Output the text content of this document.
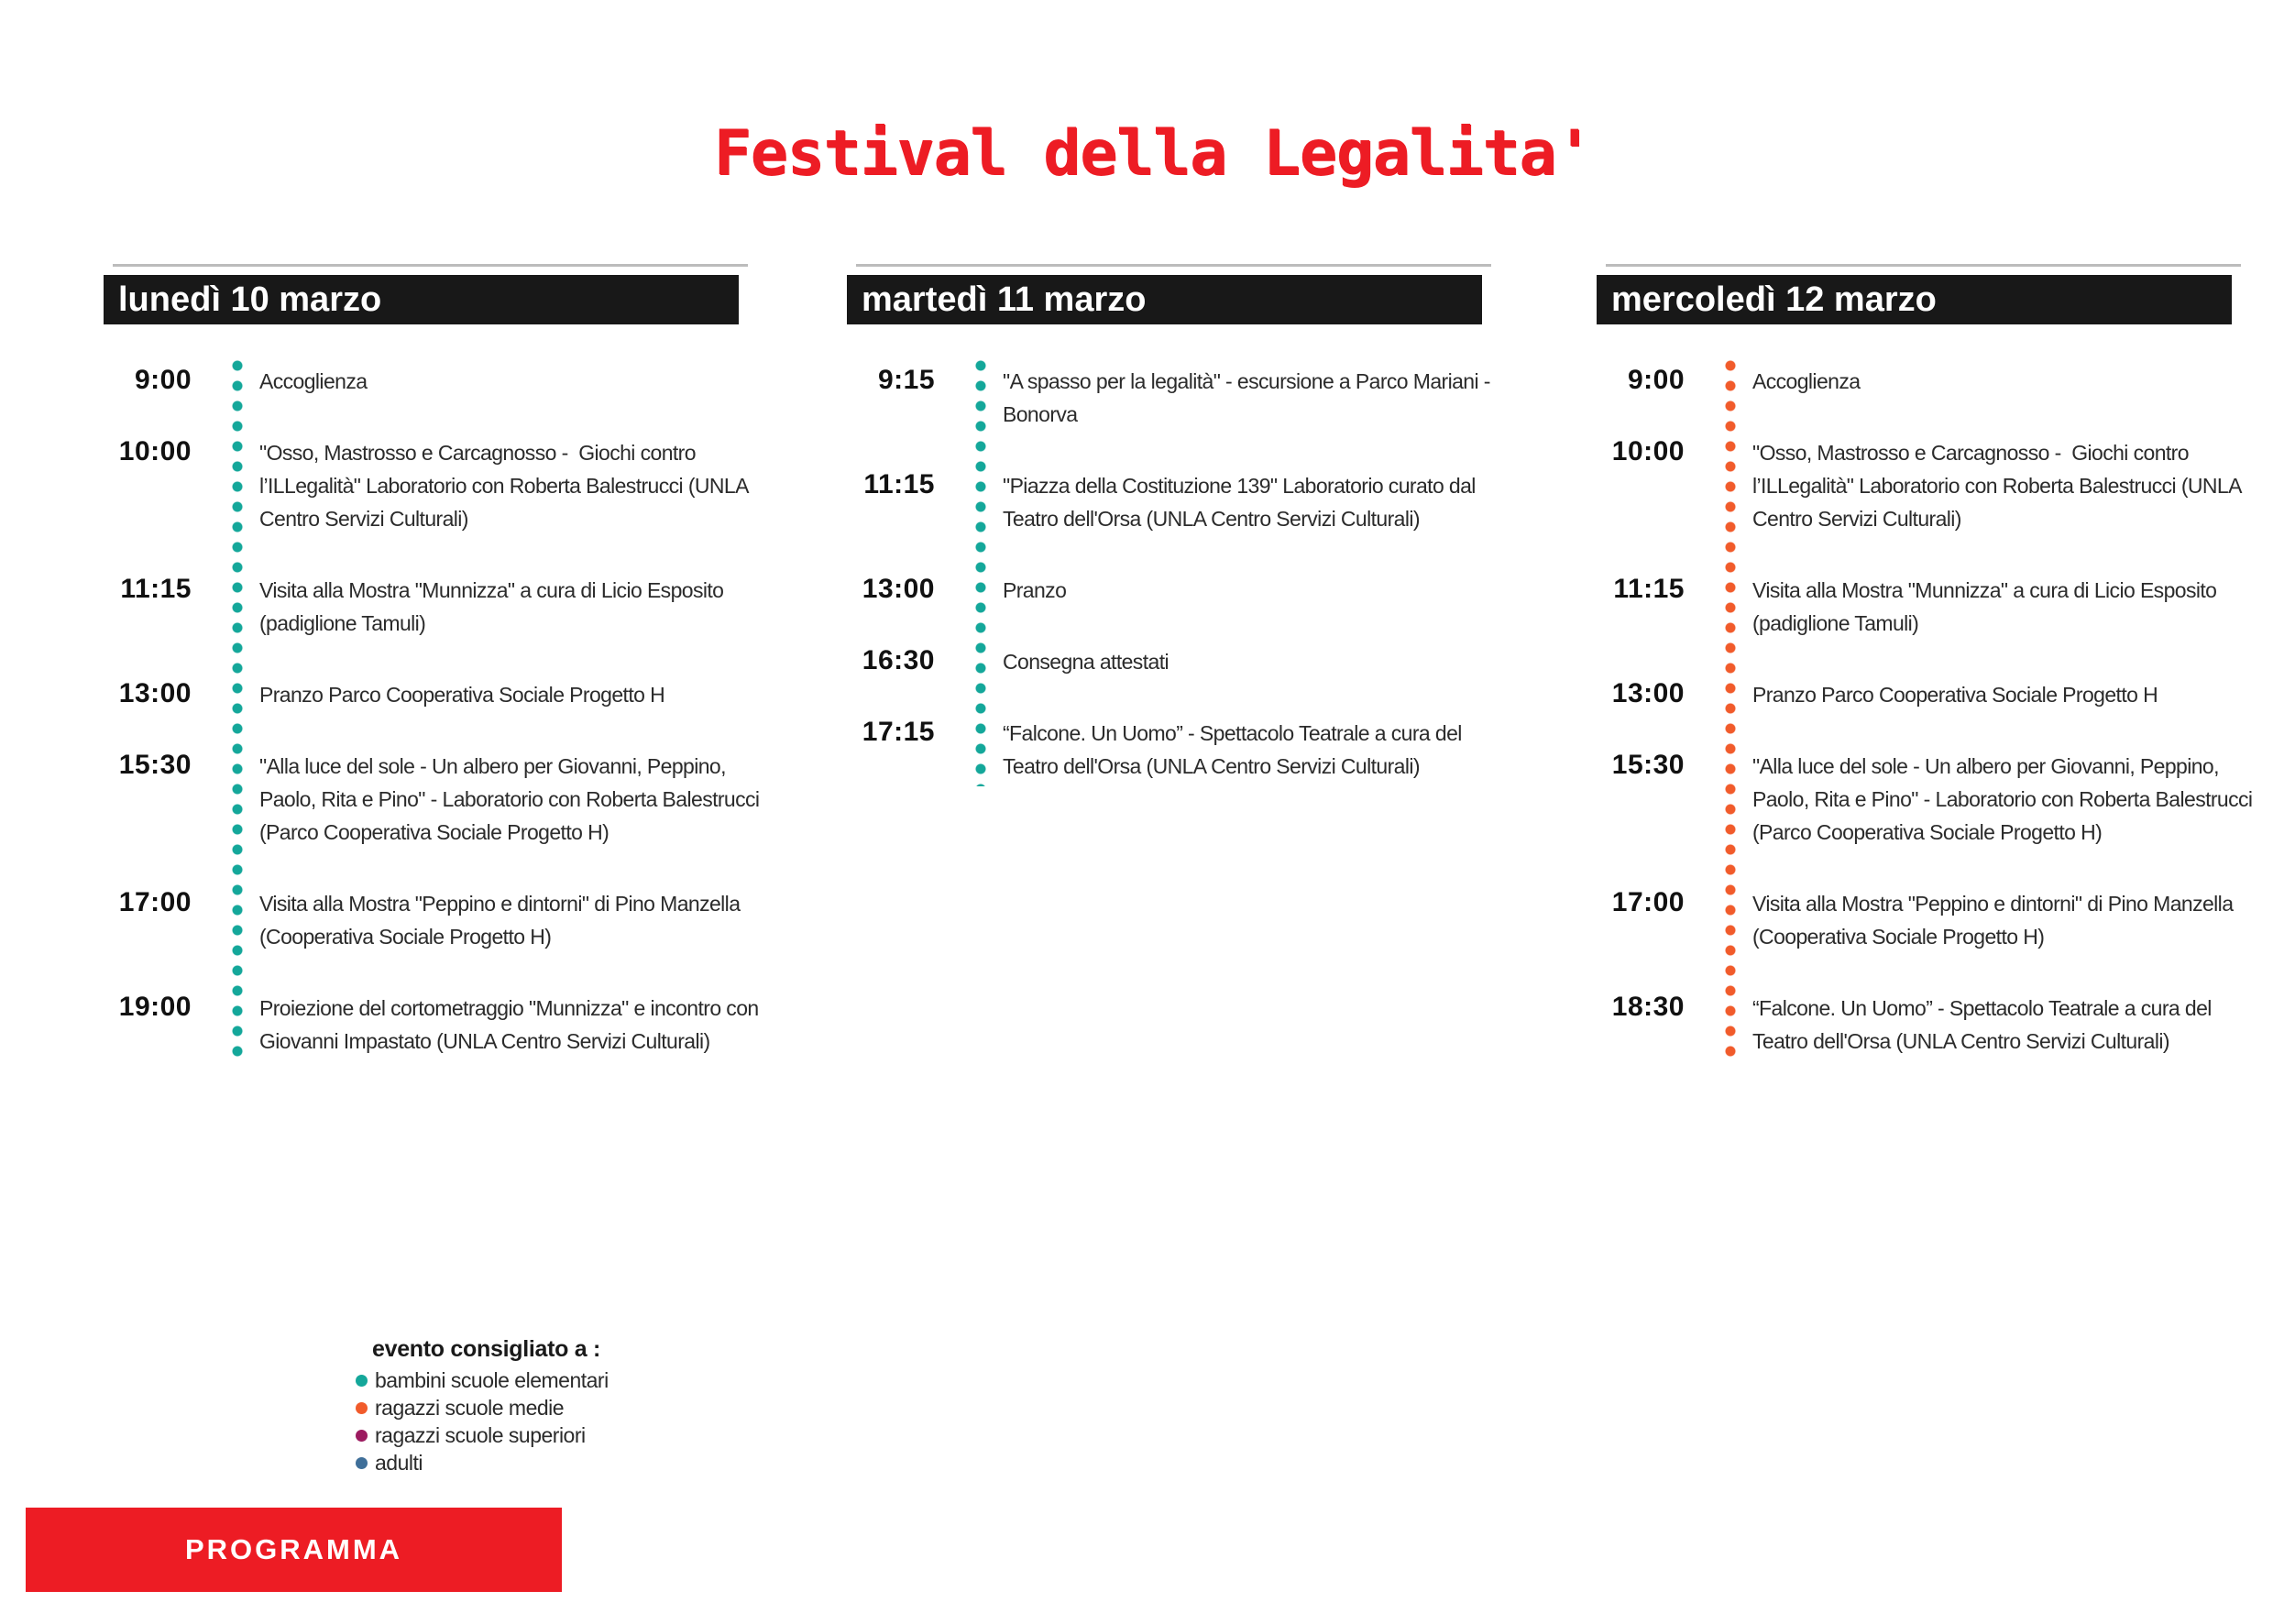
Festival della Legalita'
lunedì 10 marzo
9:00	Accoglienza
10:00	"Osso, Mastrosso e Carcagnosso -  Giochi contro l’ILLegalità" Laboratorio con Roberta Balestrucci (UNLA Centro Servizi Culturali)
11:15	Visita alla Mostra "Munnizza" a cura di Licio Esposito (padiglione Tamuli)
13:00	Pranzo Parco Cooperativa Sociale Progetto H
15:30	"Alla luce del sole - Un albero per Giovanni, Peppino, Paolo, Rita e Pino" - Laboratorio con Roberta Balestrucci (Parco Cooperativa Sociale Progetto H)
17:00	Visita alla Mostra "Peppino e dintorni" di Pino Manzella (Cooperativa Sociale Progetto H)
19:00	Proiezione del cortometraggio "Munnizza" e incontro con Giovanni Impastato (UNLA Centro Servizi Culturali)
martedì 11 marzo
9:15	"A spasso per la legalità" - escursione a Parco Mariani - Bonorva
11:15	"Piazza della Costituzione 139" Laboratorio curato dal Teatro dell'Orsa (UNLA Centro Servizi Culturali)
13:00	Pranzo
16:30	Consegna attestati
17:15	“Falcone. Un Uomo” - Spettacolo Teatrale a cura del Teatro dell'Orsa (UNLA Centro Servizi Culturali)
mercoledì 12 marzo
9:00	Accoglienza
10:00	"Osso, Mastrosso e Carcagnosso -  Giochi contro l’ILLegalità" Laboratorio con Roberta Balestrucci (UNLA Centro Servizi Culturali)
11:15	Visita alla Mostra "Munnizza" a cura di Licio Esposito (padiglione Tamuli)
13:00	Pranzo Parco Cooperativa Sociale Progetto H
15:30	"Alla luce del sole - Un albero per Giovanni, Peppino, Paolo, Rita e Pino" - Laboratorio con Roberta Balestrucci (Parco Cooperativa Sociale Progetto H)
17:00	Visita alla Mostra "Peppino e dintorni" di Pino Manzella (Cooperativa Sociale Progetto H)
18:30	“Falcone. Un Uomo” - Spettacolo Teatrale a cura del Teatro dell'Orsa (UNLA Centro Servizi Culturali)
evento consigliato a :
bambini scuole elementari
ragazzi scuole medie
ragazzi scuole superiori
adulti
PROGRAMMA
